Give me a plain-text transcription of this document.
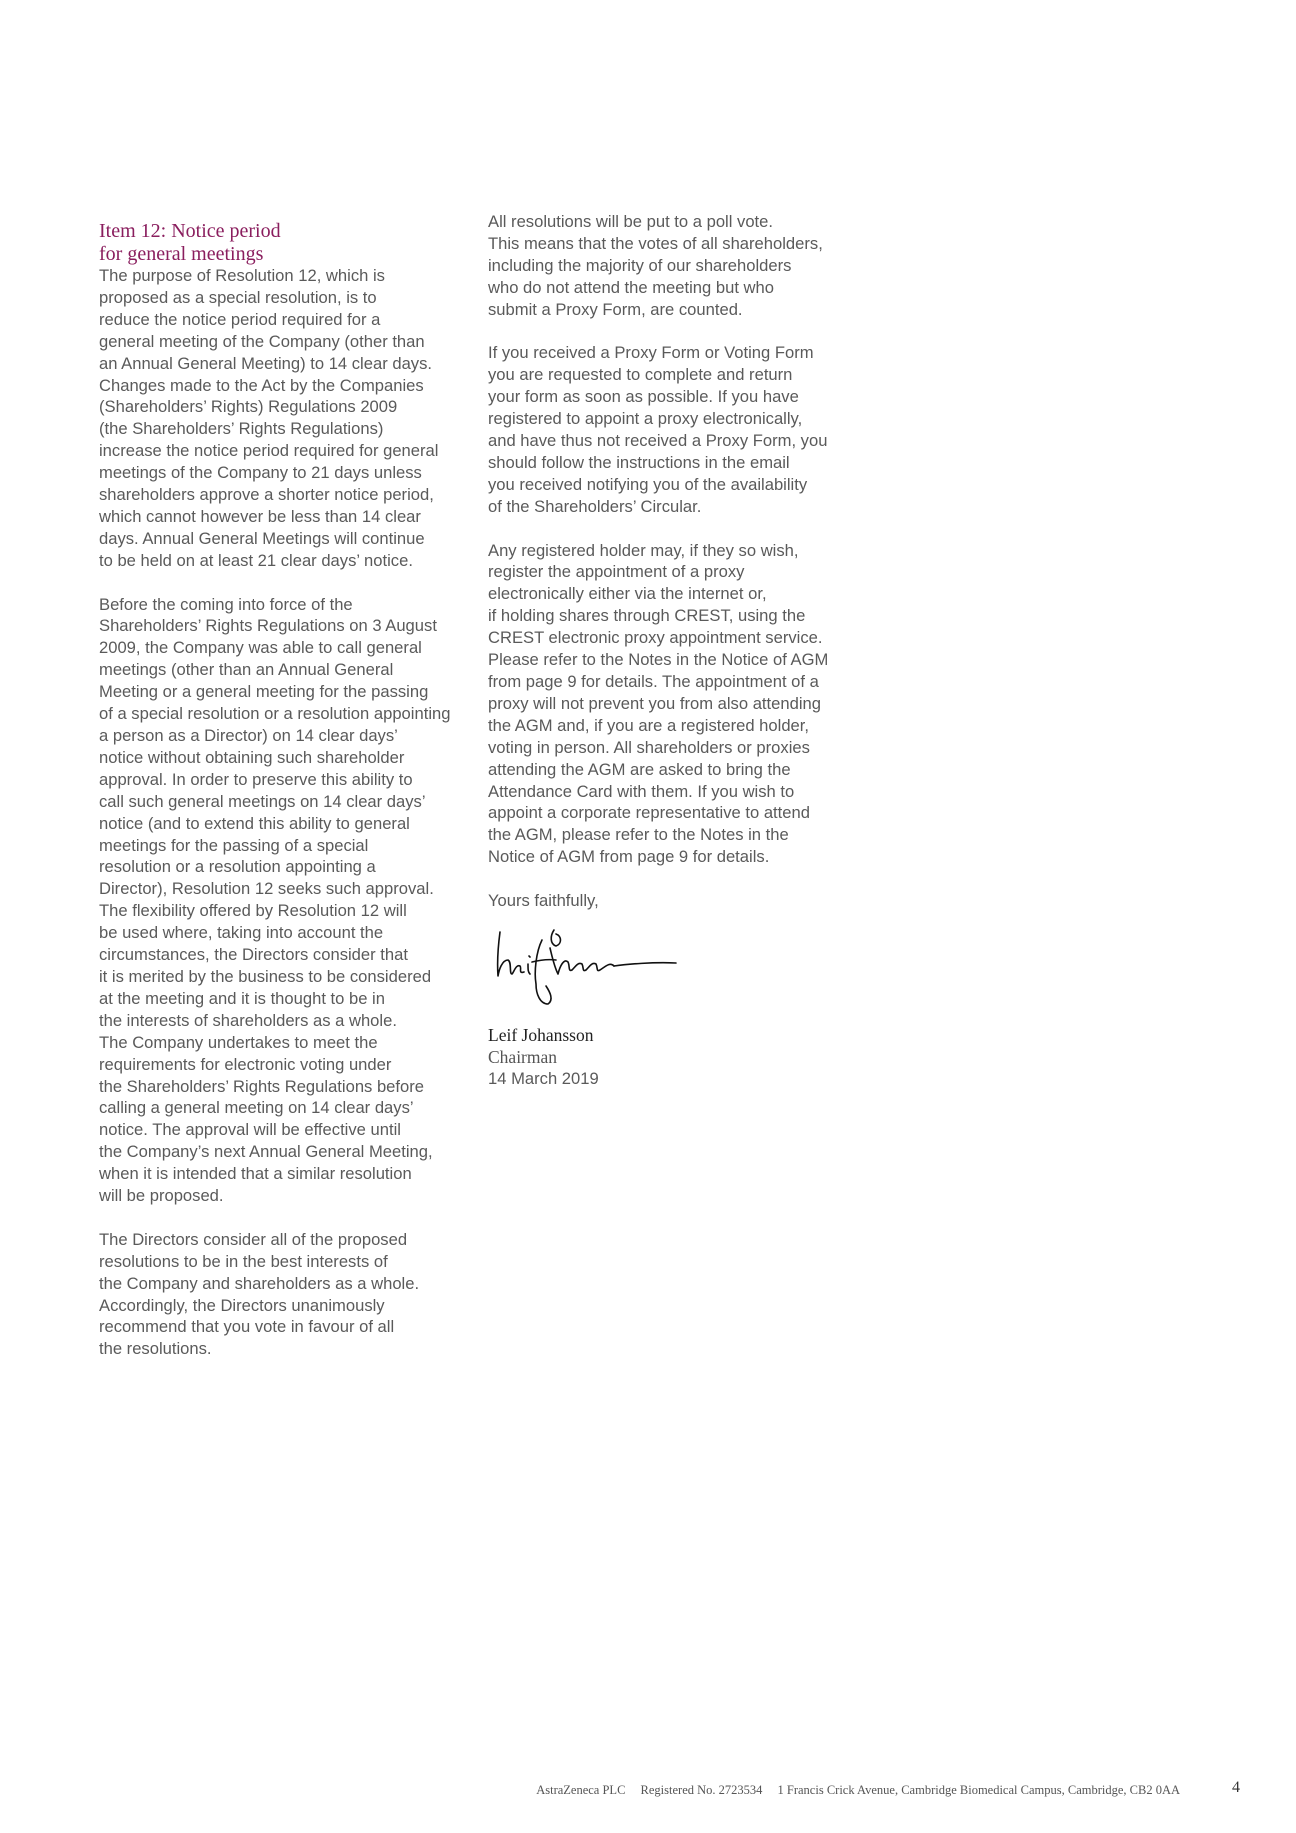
Item 12: Notice period
for general meetings
The purpose of Resolution 12, which is
proposed as a special resolution, is to
reduce the notice period required for a
general meeting of the Company (other than
an Annual General Meeting) to 14 clear days.
Changes made to the Act by the Companies
(Shareholders’ Rights) Regulations 2009
(the Shareholders’ Rights Regulations)
increase the notice period required for general
meetings of the Company to 21 days unless
shareholders approve a shorter notice period,
which cannot however be less than 14 clear
days. Annual General Meetings will continue
to be held on at least 21 clear days’ notice.
Before the coming into force of the
Shareholders’ Rights Regulations on 3 August
2009, the Company was able to call general
meetings (other than an Annual General
Meeting or a general meeting for the passing
of a special resolution or a resolution appointing
a person as a Director) on 14 clear days’
notice without obtaining such shareholder
approval. In order to preserve this ability to
call such general meetings on 14 clear days’
notice (and to extend this ability to general
meetings for the passing of a special
resolution or a resolution appointing a
Director), Resolution 12 seeks such approval.
The flexibility offered by Resolution 12 will
be used where, taking into account the
circumstances, the Directors consider that
it is merited by the business to be considered
at the meeting and it is thought to be in
the interests of shareholders as a whole.
The Company undertakes to meet the
requirements for electronic voting under
the Shareholders’ Rights Regulations before
calling a general meeting on 14 clear days’
notice. The approval will be effective until
the Company’s next Annual General Meeting,
when it is intended that a similar resolution
will be proposed.
The Directors consider all of the proposed
resolutions to be in the best interests of
the Company and shareholders as a whole.
Accordingly, the Directors unanimously
recommend that you vote in favour of all
the resolutions.
All resolutions will be put to a poll vote.
This means that the votes of all shareholders,
including the majority of our shareholders
who do not attend the meeting but who
submit a Proxy Form, are counted.
If you received a Proxy Form or Voting Form
you are requested to complete and return
your form as soon as possible. If you have
registered to appoint a proxy electronically,
and have thus not received a Proxy Form, you
should follow the instructions in the email
you received notifying you of the availability
of the Shareholders’ Circular.
Any registered holder may, if they so wish,
register the appointment of a proxy
electronically either via the internet or,
if holding shares through CREST, using the
CREST electronic proxy appointment service.
Please refer to the Notes in the Notice of AGM
from page 9 for details. The appointment of a
proxy will not prevent you from also attending
the AGM and, if you are a registered holder,
voting in person. All shareholders or proxies
attending the AGM are asked to bring the
Attendance Card with them. If you wish to
appoint a corporate representative to attend
the AGM, please refer to the Notes in the
Notice of AGM from page 9 for details.
Yours faithfully,
Leif Johansson
Chairman
14 March 2019
AstraZeneca PLC Registered No. 2723534 1 Francis Crick Avenue, Cambridge Biomedical Campus, Cambridge, CB2 0AA	4
